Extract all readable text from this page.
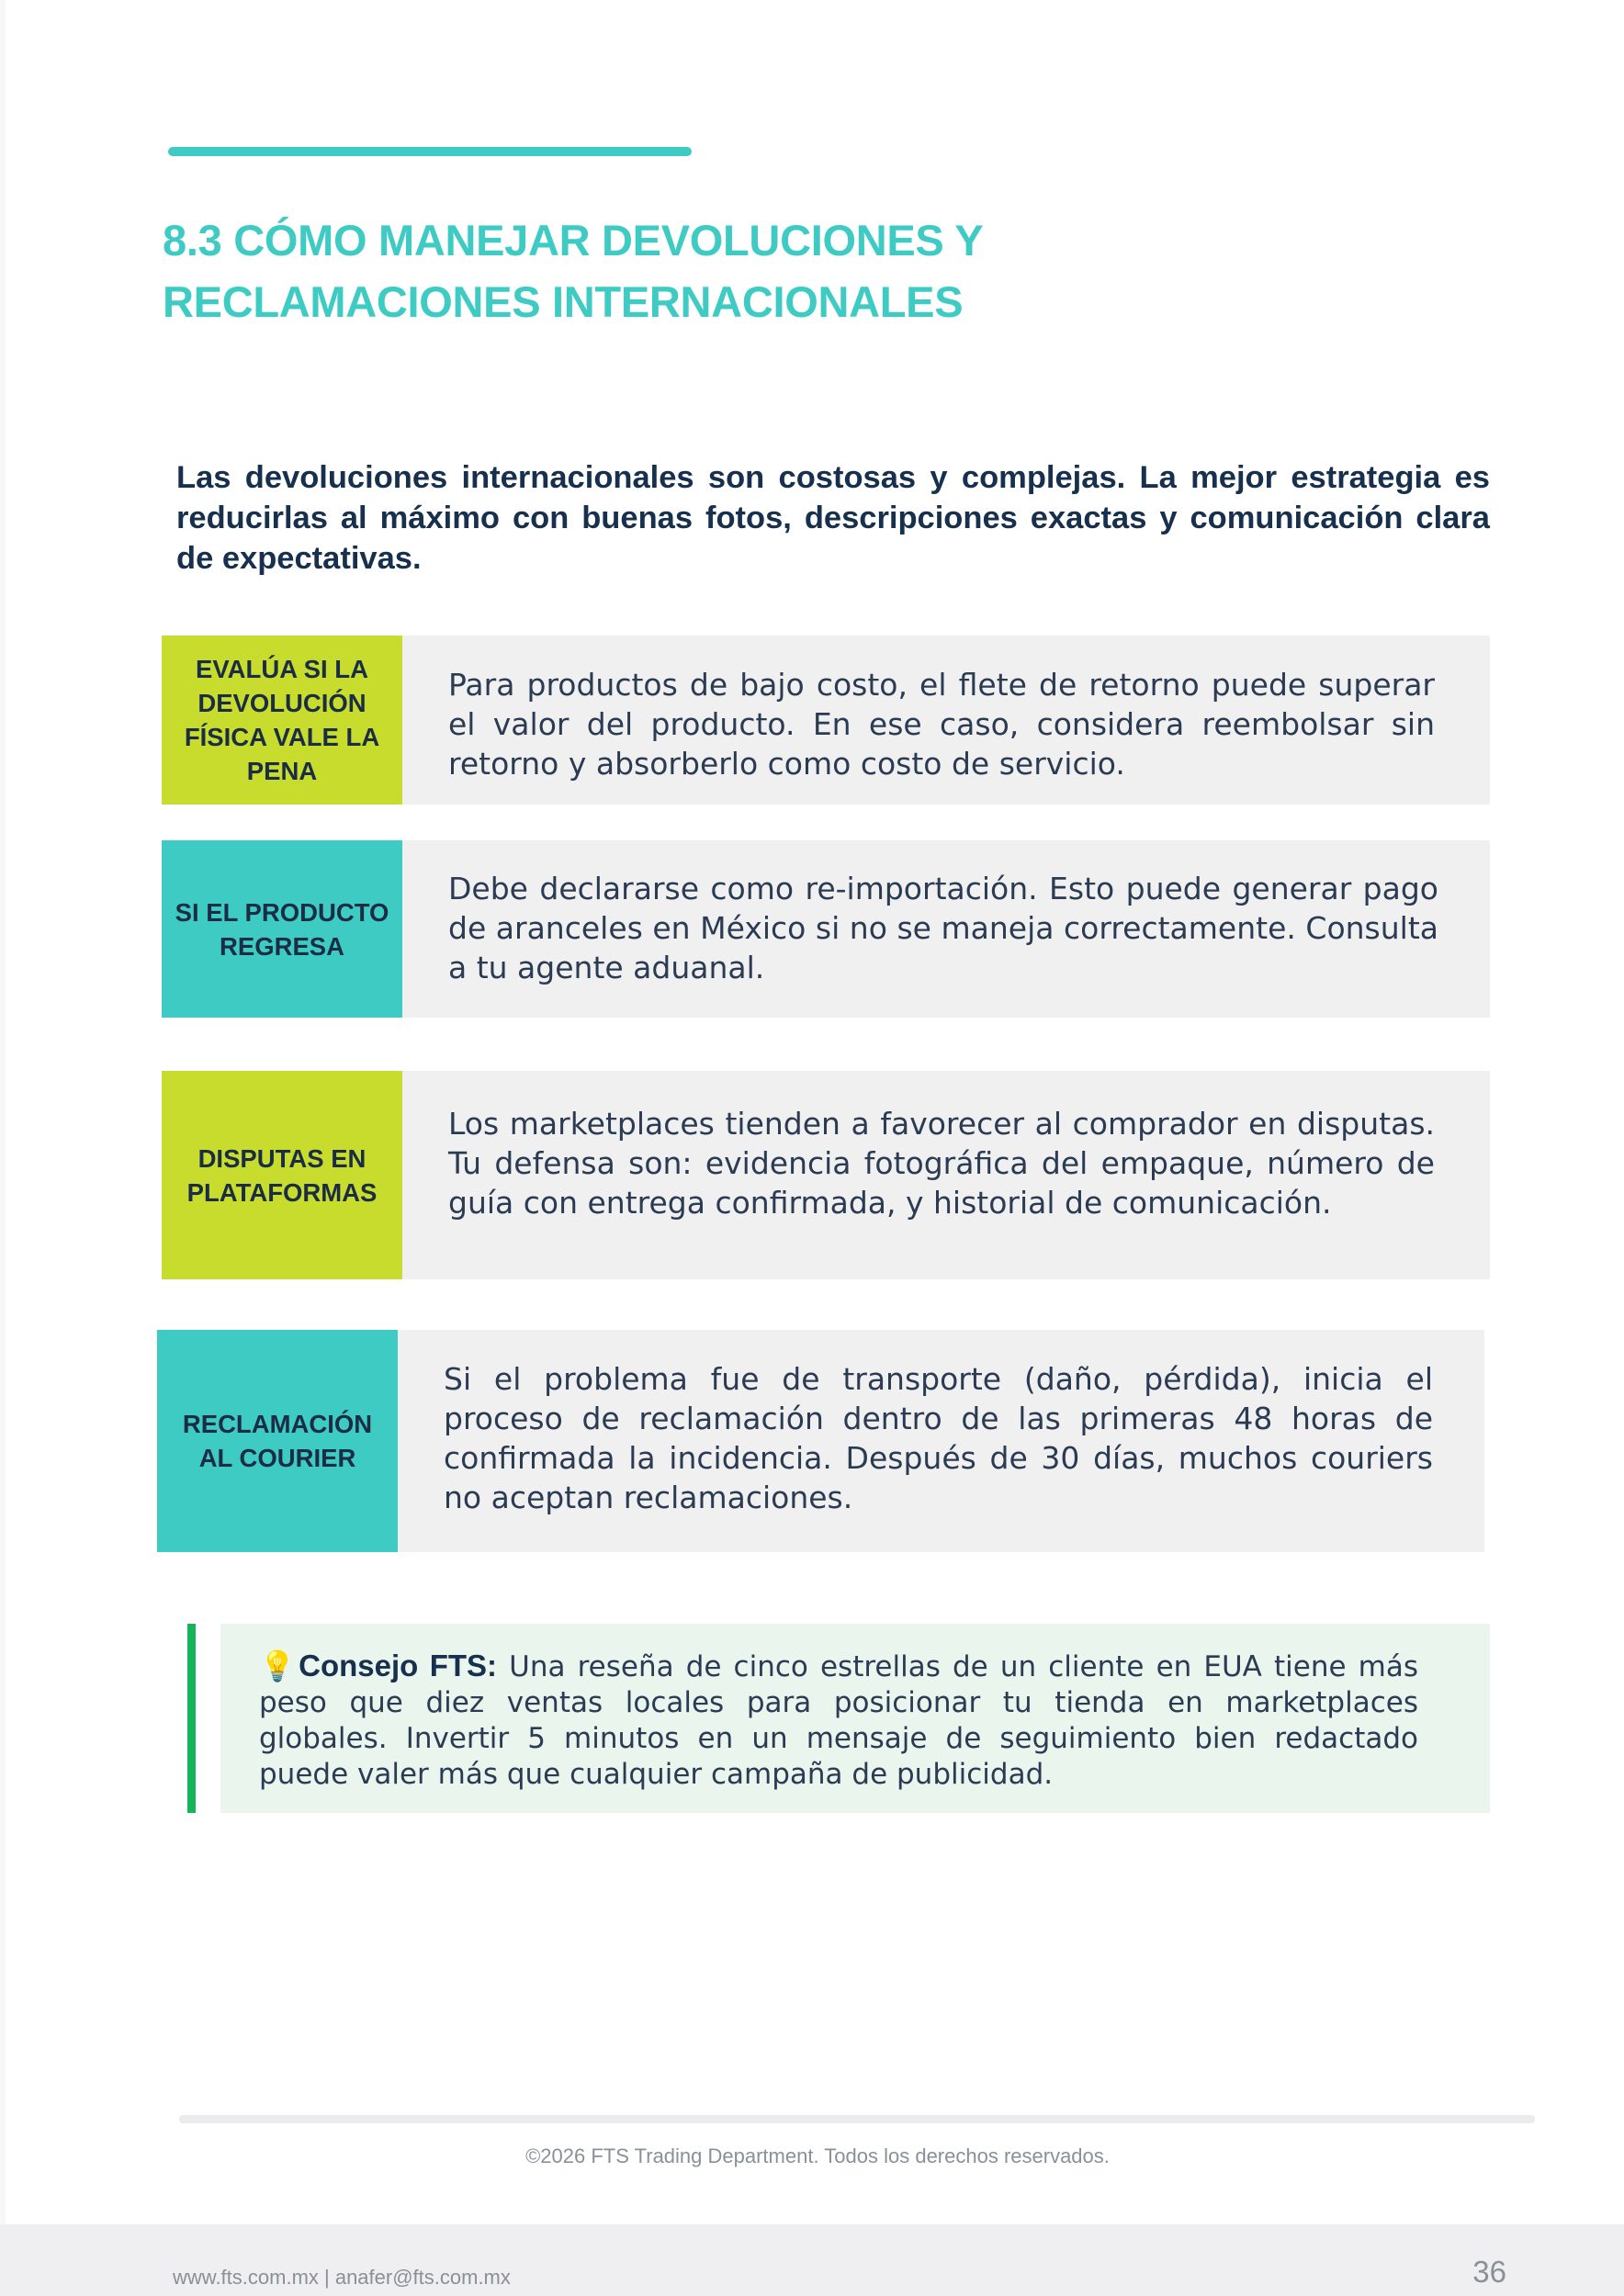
8.3 CÓMO MANEJAR DEVOLUCIONES Y
RECLAMACIONES INTERNACIONALES

Las devoluciones internacionales son costosas y complejas. La mejor estrategia es reducirlas al máximo con buenas fotos, descripciones exactas y comunicación clara de expectativas.

EVALÚA SI LA DEVOLUCIÓN FÍSICA VALE LA PENA

Para productos de bajo costo, el flete de retorno puede superar el valor del producto. En ese caso, considera reembolsar sin retorno y absorberlo como costo de servicio.

SI EL PRODUCTO REGRESA

Debe declararse como re-importación. Esto puede generar pago de aranceles en México si no se maneja correctamente. Consulta a tu agente aduanal.

DISPUTAS EN PLATAFORMAS

Los marketplaces tienden a favorecer al comprador en disputas. Tu defensa son: evidencia fotográfica del empaque, número de guía con entrega confirmada, y historial de comunicación.

RECLAMACIÓN AL COURIER

Si el problema fue de transporte (daño, pérdida), inicia el proceso de reclamación dentro de las primeras 48 horas de confirmada la incidencia. Después de 30 días, muchos couriers no aceptan reclamaciones.

💡Consejo FTS: Una reseña de cinco estrellas de un cliente en EUA tiene más peso que diez ventas locales para posicionar tu tienda en marketplaces globales. Invertir 5 minutos en un mensaje de seguimiento bien redactado puede valer más que cualquier campaña de publicidad.

©2026 FTS Trading Department. Todos los derechos reservados.
www.fts.com.mx | anafer@fts.com.mx	36
